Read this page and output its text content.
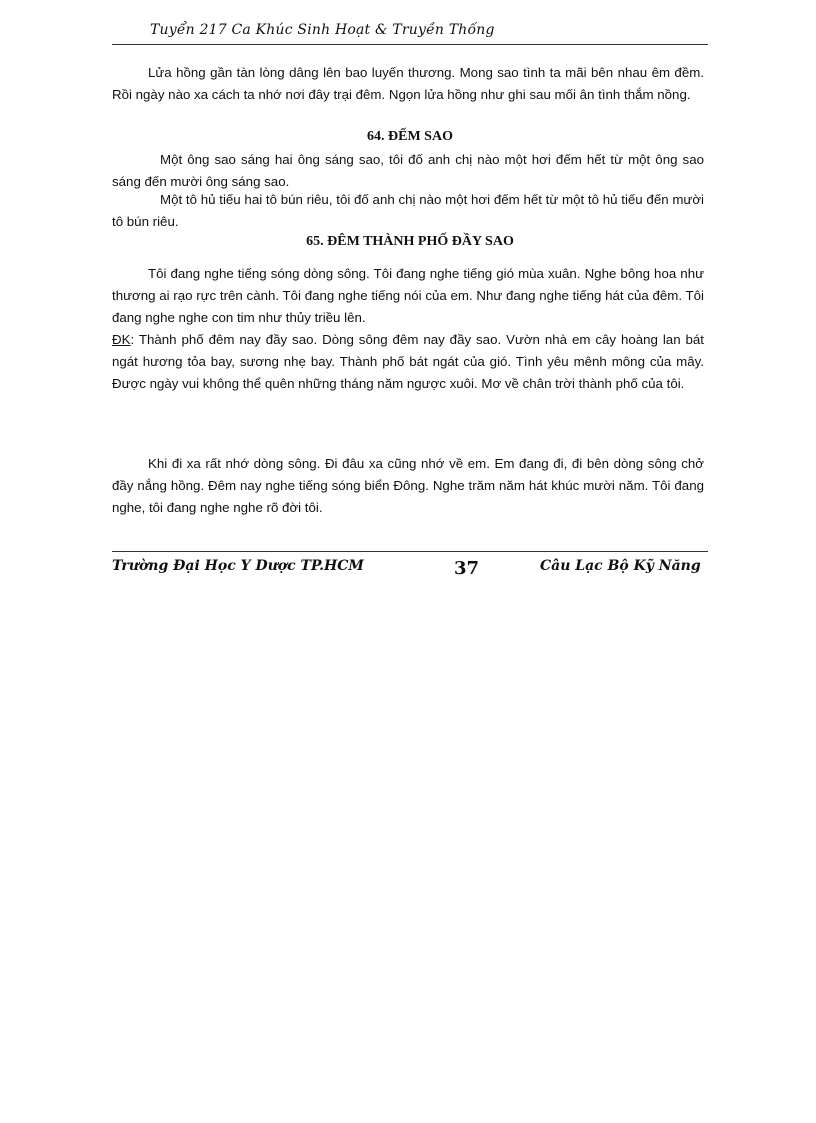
Tuyển 217 Ca Khúc Sinh Hoạt & Truyền Thống
Lửa hồng gần tàn lòng dâng lên bao luyến thương. Mong sao tình ta mãi bên nhau êm đềm. Rồi ngày nào xa cách ta nhớ nơi đây trại đêm. Ngọn lửa hồng như ghi sau mối ân tình thắm nồng.
64. ĐẾM SAO
Một ông sao sáng hai ông sáng sao, tôi đố anh chị nào một hơi đếm hết từ một ông sao sáng đến mười ông sáng sao.
Một tô hủ tiếu hai tô bún riêu, tôi đố anh chị nào một hơi đếm hết từ một tô hủ tiếu đến mười tô bún riêu.
65. ĐÊM THÀNH PHỐ ĐẦY SAO
Tôi đang nghe tiếng sóng dòng sông. Tôi đang nghe tiếng gió mùa xuân. Nghe bông hoa như thương ai rạo rực trên cành. Tôi đang nghe tiếng nói của em. Như đang nghe tiếng hát của đêm. Tôi đang nghe nghe con tim như thủy triều lên.
ĐK: Thành phố đêm nay đầy sao. Dòng sông đêm nay đầy sao. Vườn nhà em cây hoàng lan bát ngát hương tỏa bay, sương nhẹ bay. Thành phố bát ngát của gió. Tình yêu mênh mông của mây. Được ngày vui không thể quên những tháng năm ngược xuôi. Mơ về chân trời thành phố của tôi.
Khi đi xa rất nhớ dòng sông. Đi đâu xa cũng nhớ về em. Em đang đi, đi bên dòng sông chở đầy nắng hồng. Đêm nay nghe tiếng sóng biển Đông. Nghe trăm năm hát khúc mười năm. Tôi đang nghe, tôi đang nghe nghe rõ đời tôi.
Trường Đại Học Y Dược TP.HCM	37	Câu Lạc Bộ Kỹ Năng
